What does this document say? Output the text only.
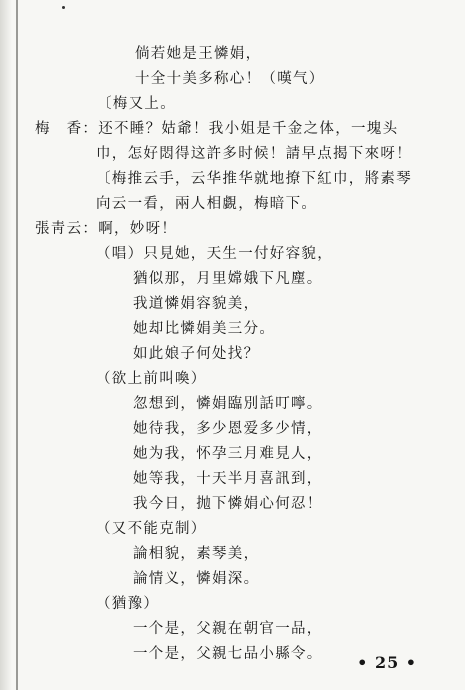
倘若她是王憐娟，
十全十美多称心！（嘆气）
〔梅又上。
梅　香：还不睡？姑爺！我小姐是千金之体，一塊头
巾，怎好悶得这許多时候！請早点揭下來呀！
〔梅推云手，云华推华就地撩下紅巾，將素琴
向云一看，兩人相覷，梅暗下。
張靑云：啊，妙呀！
（唱）只見她，天生一付好容貌，
猶似那，月里嫦娥下凡塵。
我道憐娟容貌美，
她却比憐娟美三分。
如此娘子何处找？
（欲上前叫喚）
忽想到，憐娟臨別話叮嚀。
她待我，多少恩爱多少情，
她为我，怀孕三月难見人，
她等我，十天半月喜訊到，
我今日，抛下憐娟心何忍！
（又不能克制）
論相貌，素琴美，
論情义，憐娟深。
（猶豫）
一个是，父親在朝官一品，
一个是，父親七品小縣令。 • 25 •
